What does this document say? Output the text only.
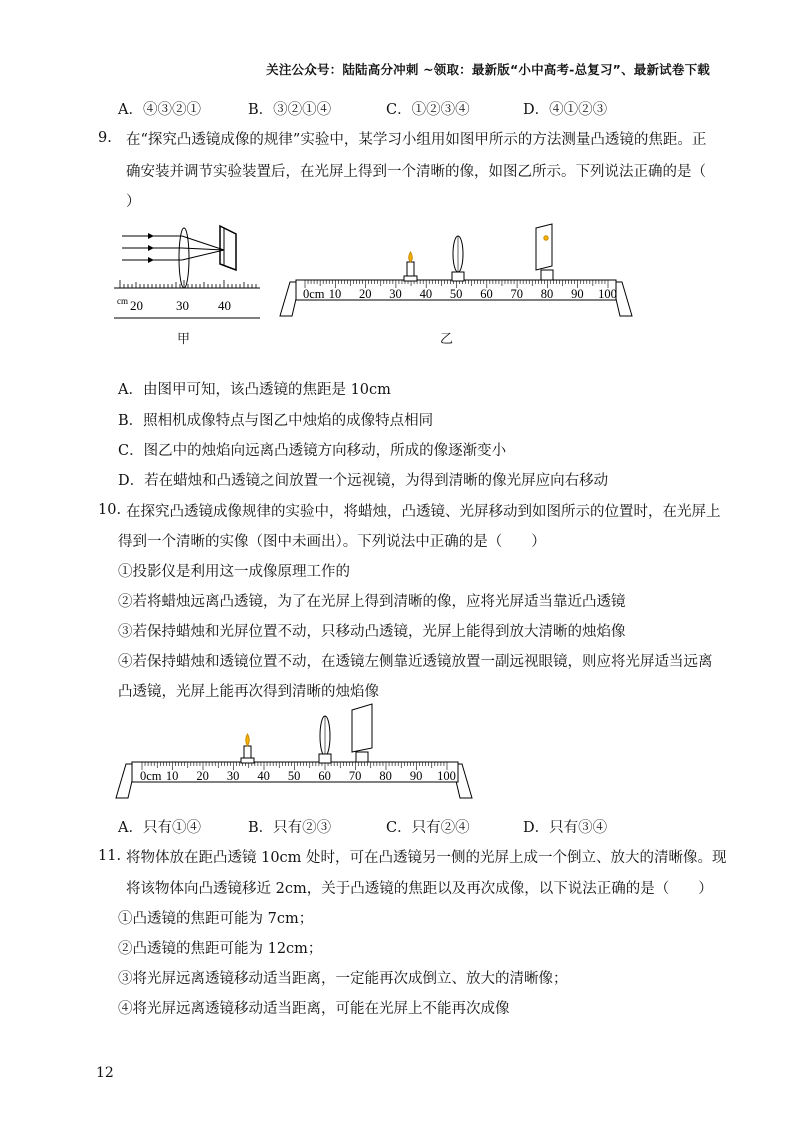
关注公众号：陆陆高分冲刺 ~领取：最新版“小中高考-总复习”、最新试卷下载
A．④③②①	B．③②①④	C．①②③④	D．④①②③
9. 在“探究凸透镜成像的规律”实验中，某学习小组用如图甲所示的方法测量凸透镜的焦距。正
确安装并调节实验装置后，在光屏上得到一个清晰的像，如图乙所示。下列说法正确的是（
）
cm 20	30 40
甲
0cm 10 20 30 40 50 60 70 80 90 100
乙
A．由图甲可知，该凸透镜的焦距是 10cm
B．照相机成像特点与图乙中烛焰的成像特点相同
C．图乙中的烛焰向远离凸透镜方向移动，所成的像逐渐变小
D．若在蜡烛和凸透镜之间放置一个远视镜，为得到清晰的像光屏应向右移动
10. 在探究凸透镜成像规律的实验中，将蜡烛，凸透镜、光屏移动到如图所示的位置时，在光屏上
得到一个清晰的实像（图中未画出）。下列说法中正确的是（　　）
①投影仪是利用这一成像原理工作的
②若将蜡烛远离凸透镜，为了在光屏上得到清晰的像，应将光屏适当靠近凸透镜
③若保持蜡烛和光屏位置不动，只移动凸透镜，光屏上能得到放大清晰的烛焰像
④若保持蜡烛和透镜位置不动，在透镜左侧靠近透镜放置一副远视眼镜，则应将光屏适当远离
凸透镜，光屏上能再次得到清晰的烛焰像
0cm 10 20 30 40 50 60 70 80 90 100
A．只有①④	B．只有②③	C．只有②④	D．只有③④
11. 将物体放在距凸透镜 10cm 处时，可在凸透镜另一侧的光屏上成一个倒立、放大的清晰像。现
将该物体向凸透镜移近 2cm，关于凸透镜的焦距以及再次成像，以下说法正确的是（　　）
①凸透镜的焦距可能为 7cm；
②凸透镜的焦距可能为 12cm；
③将光屏远离透镜移动适当距离，一定能再次成倒立、放大的清晰像；
④将光屏远离透镜移动适当距离，可能在光屏上不能再次成像
12
